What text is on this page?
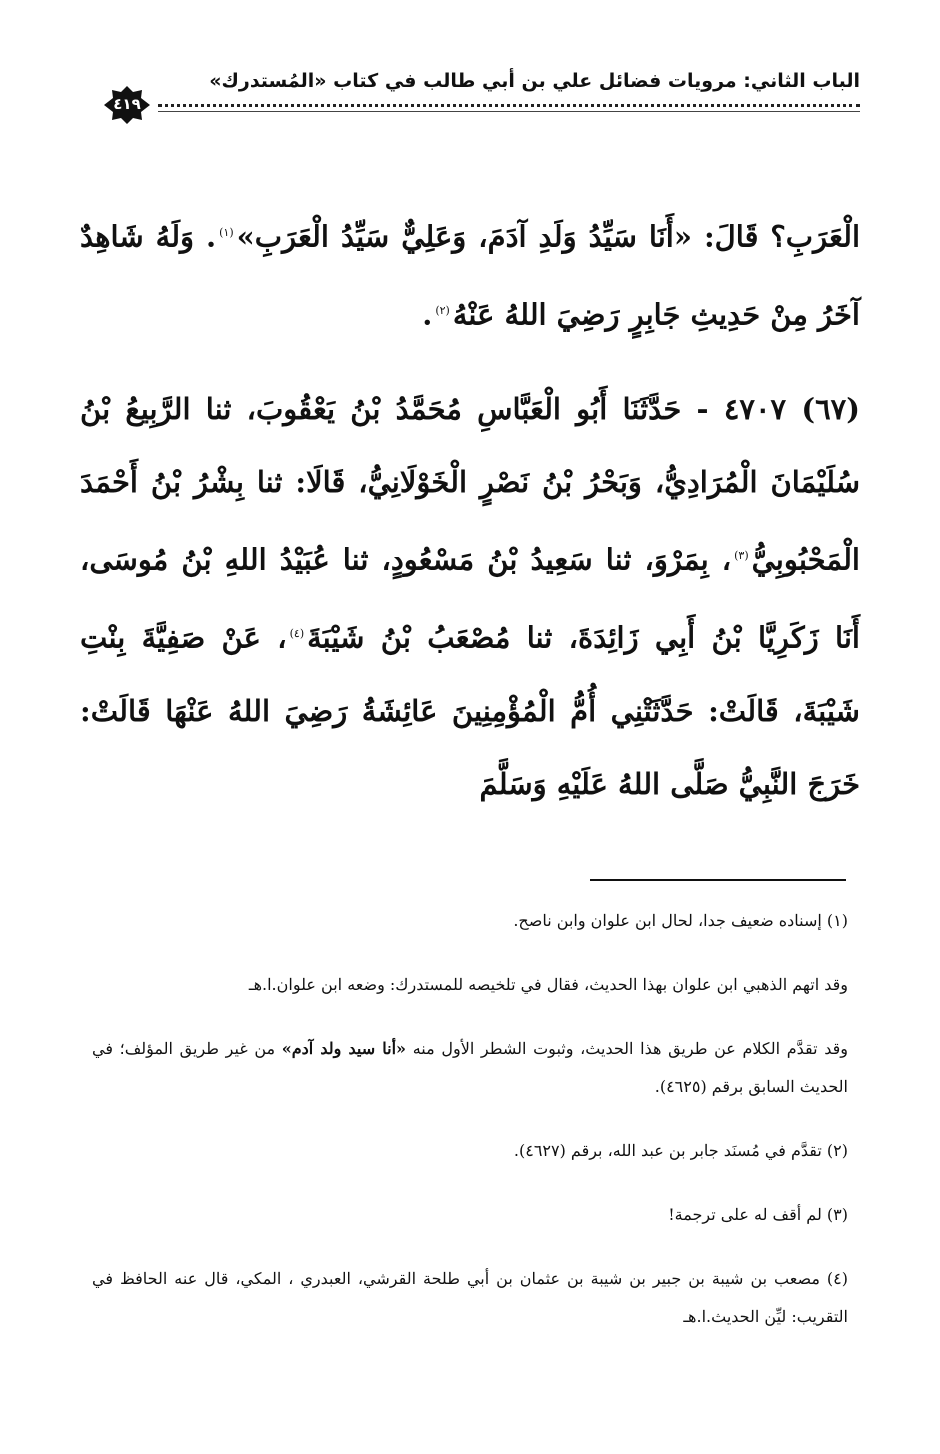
الباب الثاني: مرويات فضائل علي بن أبي طالب في كتاب «المُستدرك»
٤١٩

الْعَرَبِ؟ قَالَ: «أَنَا سَيِّدُ وَلَدِ آدَمَ، وَعَلِيٌّ سَيِّدُ الْعَرَبِ»$^{(١)}$. وَلَهُ شَاهِدٌ آخَرُ مِنْ حَدِيثِ جَابِرٍ رَضِيَ اللهُ عَنْهُ$^{(٢)}$.

(٦٧) ٤٧٠٧ - حَدَّثَنَا أَبُو الْعَبَّاسِ مُحَمَّدُ بْنُ يَعْقُوبَ، ثنا الرَّبِيعُ بْنُ سُلَيْمَانَ الْمُرَادِيُّ، وَبَحْرُ بْنُ نَصْرٍ الْخَوْلَانِيُّ، قَالَا: ثنا بِشْرُ بْنُ أَحْمَدَ الْمَحْبُوبِيُّ$^{(٣)}$، بِمَرْوَ، ثنا سَعِيدُ بْنُ مَسْعُودٍ، ثنا عُبَيْدُ اللهِ بْنُ مُوسَى، أَنَا زَكَرِيَّا بْنُ أَبِي زَائِدَةَ، ثنا مُصْعَبُ بْنُ شَيْبَةَ$^{(٤)}$، عَنْ صَفِيَّةَ بِنْتِ شَيْبَةَ، قَالَتْ: حَدَّثَتْنِي أُمُّ الْمُؤْمِنِينَ عَائِشَةُ رَضِيَ اللهُ عَنْهَا قَالَتْ: خَرَجَ النَّبِيُّ صَلَّى اللهُ عَلَيْهِ وَسَلَّمَ

(١) إسناده ضعيف جدا، لحال ابن علوان وابن ناصح.

وقد اتهم الذهبي ابن علوان بهذا الحديث، فقال في تلخيصه للمستدرك: وضعه ابن علوان.ا.هـ

وقد تقدَّم الكلام عن طريق هذا الحديث، وثبوت الشطر الأول منه «أنا سيد ولد آدم» من غير طريق المؤلف؛ في الحديث السابق برقم (٤٦٢٥).

(٢) تقدَّم في مُسنَد جابر بن عبد الله، برقم (٤٦٢٧).

(٣) لم أقف له على ترجمة!

(٤) مصعب بن شيبة بن جبير بن شيبة بن عثمان بن أبي طلحة القرشي، العبدري ، المكي، قال عنه الحافظ في التقريب: ليِّن الحديث.ا.هـ
